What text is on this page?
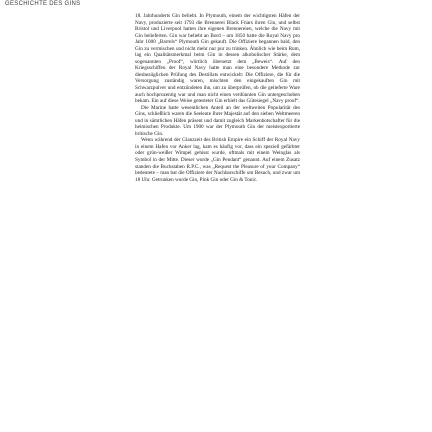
GESCHICHTE DES GINS

18. Jahrhunderts Gin beliebt. In Plymouth, einem der wichtigsten Häfen der Navy, produzierte seit 1793 die Brennerei Black Friars ihren Gin, und selbst Bristol und Liverpool hatten ihre eigenen Brennereien, welche die Navy mit Gin belieferten. Gin war beliebt an Bord – um 1850 hatte die Royal Navy pro Jahr 1000 „Barrels“ Plymouth Gin gekauft. Die Offiziere begannen bald, den Gin zu vermischen und nicht mehr nur pur zu trinken. Ähnlich wie beim Rum, lag ein Qualitätsmerkmal beim Gin in dessen alkoholischer Stärke, dem sogenannten „Proof“, wörtlich übersetzt dem „Beweis“. Auf den Kriegsschiffen der Royal Navy hatte man eine besondere Methode zur diesbezüglichen Prüfung des Destillats entwickelt: Die Offiziere, die für die Versorgung zuständig waren, mischten den eingekauften Gin mit Schwarzpulver und entzündeten ihn, um zu überprüfen, ob die gelieferte Ware auch hochprozentig war und man nicht einen verdünnten Gin untergeschoben bekam. Ein auf diese Weise getesteter Gin erhielt das Gütesiegel „Navy proof“.

Die Marine hatte wesentlichen Anteil an der weltweiten Popularität des Gins, schließlich waren die Seeleute Ihrer Majestät auf den sieben Weltmeeren und in sämtlichen Häfen präsent und damit zugleich Markenbotschafter für die heimischen Produkte. Um 1900 war der Plymouth Gin der meistexportierte britische Gin.

Wenn während der Glanzzeit des British Empire ein Schiff der Royal Navy in einem Hafen vor Anker lag, kam es häufig vor, dass ein speziell gefärbter oder grün-weißer Wimpel gehisst wurde, oftmals mit einem Weinglas als Symbol in der Mitte. Dieser wurde „Gin Pendant“ genannt. Auf einem Zusatz standen die Buchstaben R.P.C., was „Request the Pleasure of your Company“ bedeutete – man bat die Offiziere der Nachbarschiffe um Besuch, und zwar um 18 Uhr. Getrunken wurde Gin, Pink Gin oder Gin & Tonic.
